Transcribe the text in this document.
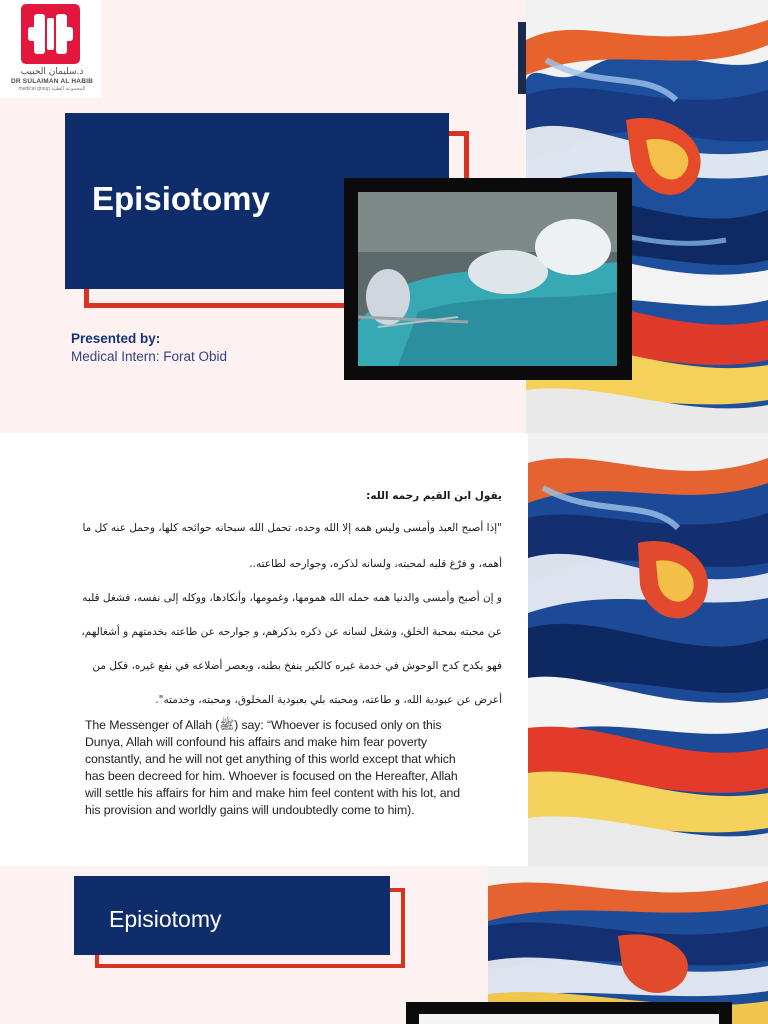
د.سليمان الحبيب
DR SULAIMAN AL HABIB
medical group المجموعة الطبية
Episiotomy
Presented by:
Medical Intern: Forat Obid
يقول ابن القيم رحمه الله:
"إذا أصبح العبد وأمسى وليس همه إلا الله وحده، تحمل الله سبحانه حوائجه كلها، وحمل عنه كل ما
أهمه، و فرّغ قلبه لمحبته، ولسانه لذكره، وجوارحه لطاعته..
و إن أصبح وأمسى والدنيا همه حمله الله همومها، وغمومها، وأنكادها، ووكله إلى نفسه، فشغل قلبه
عن محبته بمحبة الخلق، وشغل لسانه عن ذكره بذكرهم، و جوارحه عن طاعته بخدمتهم و أشغالهم،
فهو يكدح كدح الوحوش في خدمة غيره كالكير ينفخ بطنه، ويعصر أضلاعه في نفع غيره، فكل من
أعرض عن عبودية الله، و طاعته، ومحبته بلي بعبودية المخلوق، ومحبته، وخدمته".

The Messenger of Allah (ﷺ) say: “Whoever is focused only on this Dunya, Allah will confound his affairs and make him fear poverty constantly, and he will not get anything of this world except that which has been decreed for him. Whoever is focused on the Hereafter, Allah will settle his affairs for him and make him feel content with his lot, and his provision and worldly gains will undoubtedly come to him).

Episiotomy
